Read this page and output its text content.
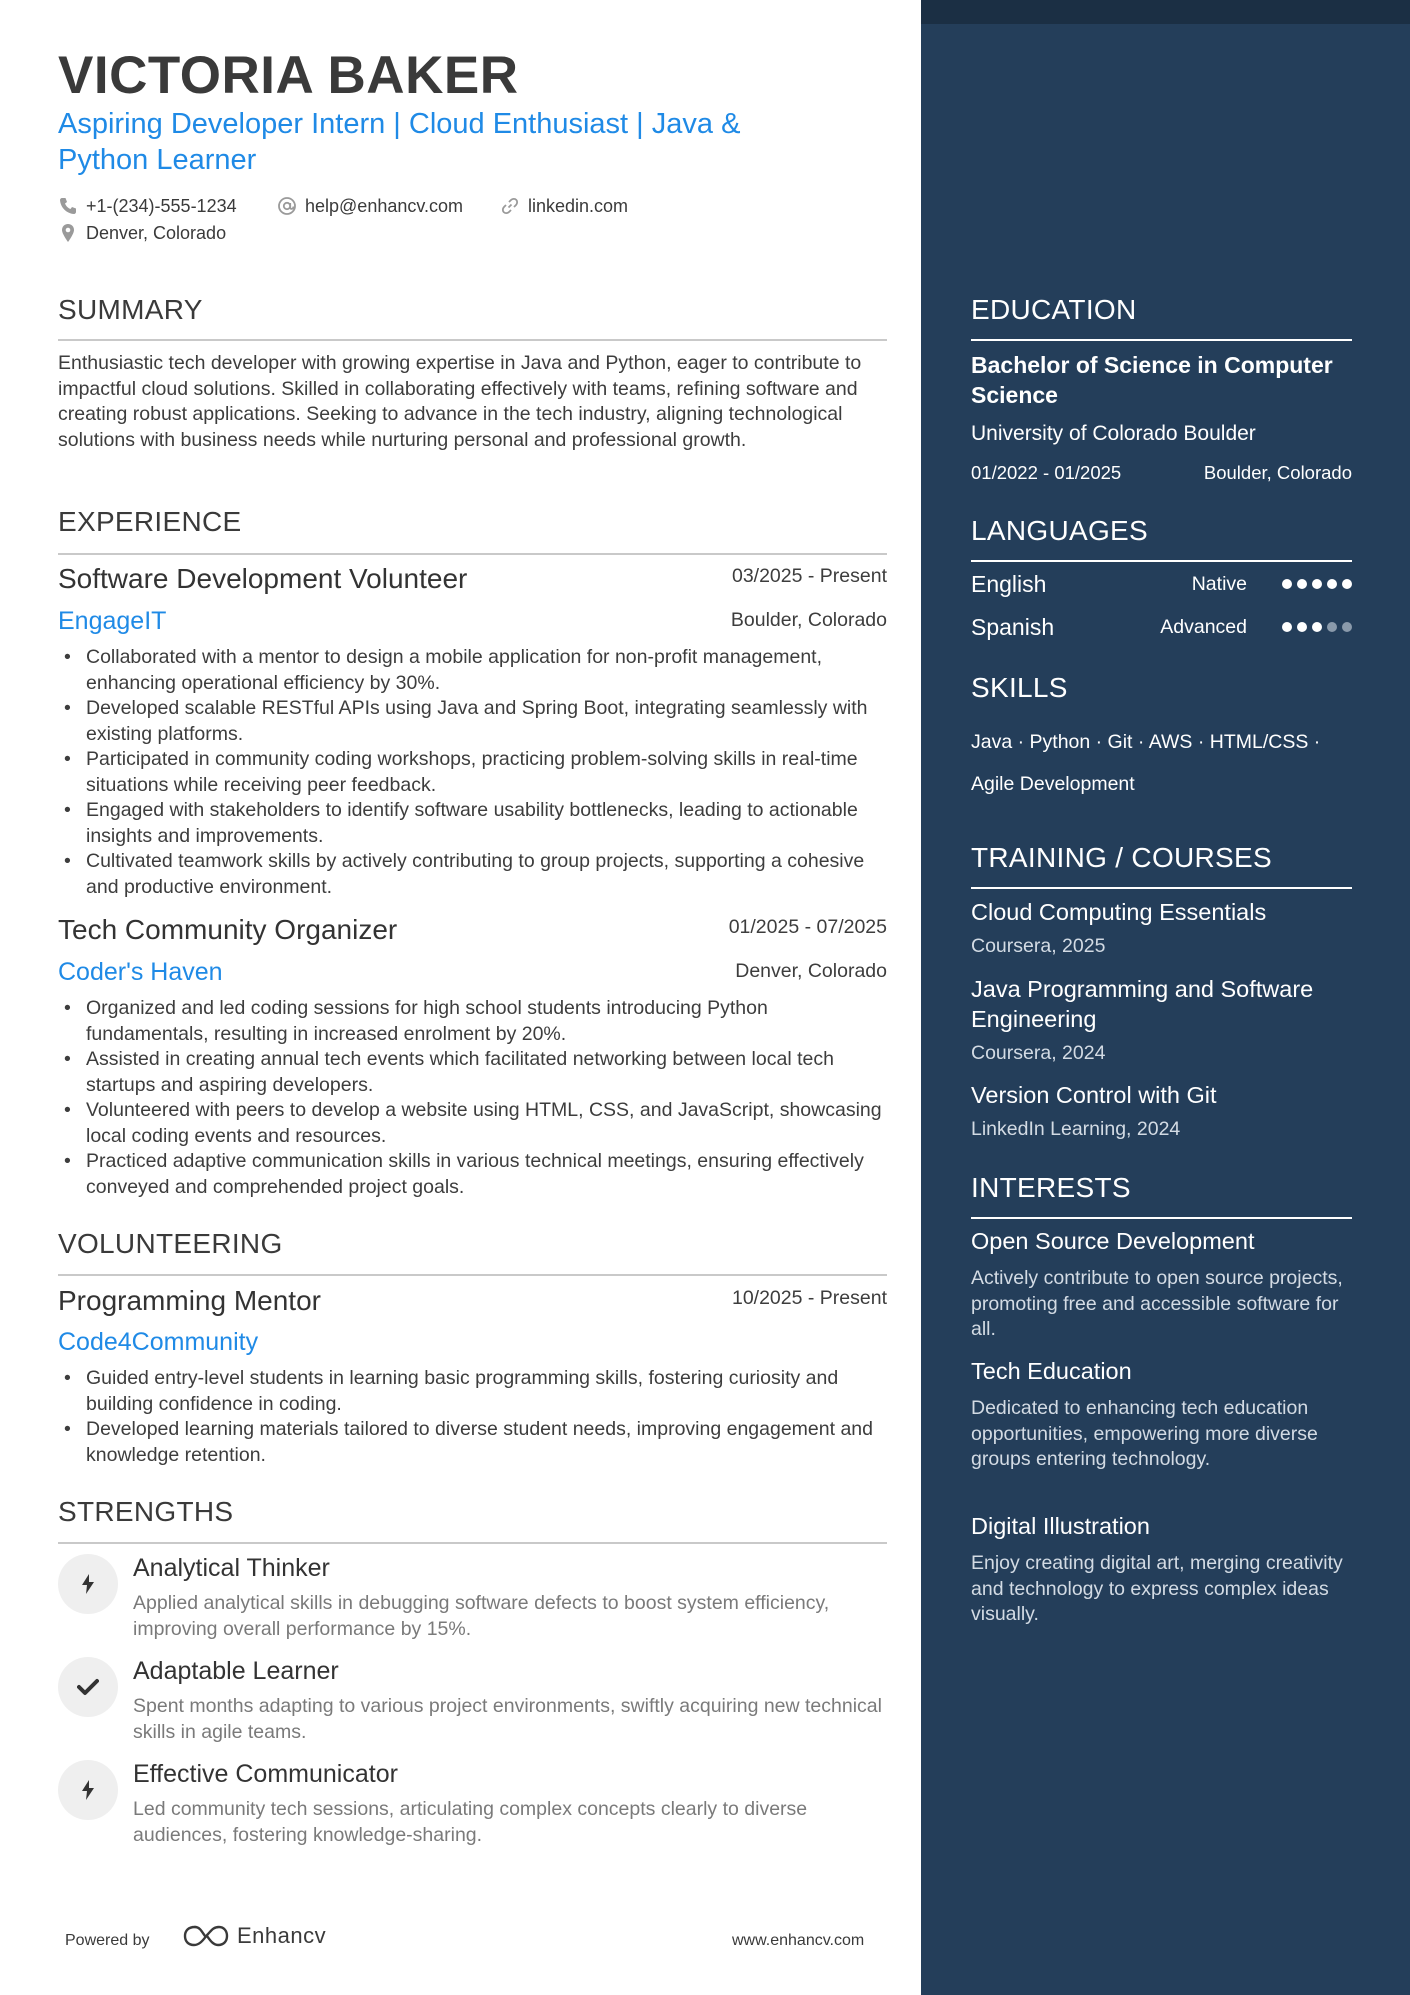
VICTORIA BAKER
Aspiring Developer Intern | Cloud Enthusiast | Java & Python Learner
+1-(234)-555-1234	help@enhancv.com	linkedin.com
Denver, Colorado
SUMMARY
Enthusiastic tech developer with growing expertise in Java and Python, eager to contribute to impactful cloud solutions. Skilled in collaborating effectively with teams, refining software and creating robust applications. Seeking to advance in the tech industry, aligning technological solutions with business needs while nurturing personal and professional growth.
EXPERIENCE
Software Development Volunteer	03/2025 - Present
EngageIT	Boulder, Colorado
• Collaborated with a mentor to design a mobile application for non-profit management, enhancing operational efficiency by 30%.
• Developed scalable RESTful APIs using Java and Spring Boot, integrating seamlessly with existing platforms.
• Participated in community coding workshops, practicing problem-solving skills in real-time situations while receiving peer feedback.
• Engaged with stakeholders to identify software usability bottlenecks, leading to actionable insights and improvements.
• Cultivated teamwork skills by actively contributing to group projects, supporting a cohesive and productive environment.
Tech Community Organizer	01/2025 - 07/2025
Coder's Haven	Denver, Colorado
• Organized and led coding sessions for high school students introducing Python fundamentals, resulting in increased enrolment by 20%.
• Assisted in creating annual tech events which facilitated networking between local tech startups and aspiring developers.
• Volunteered with peers to develop a website using HTML, CSS, and JavaScript, showcasing local coding events and resources.
• Practiced adaptive communication skills in various technical meetings, ensuring effectively conveyed and comprehended project goals.
VOLUNTEERING
Programming Mentor	10/2025 - Present
Code4Community
• Guided entry-level students in learning basic programming skills, fostering curiosity and building confidence in coding.
• Developed learning materials tailored to diverse student needs, improving engagement and knowledge retention.
STRENGTHS
Analytical Thinker
Applied analytical skills in debugging software defects to boost system efficiency, improving overall performance by 15%.
Adaptable Learner
Spent months adapting to various project environments, swiftly acquiring new technical skills in agile teams.
Effective Communicator
Led community tech sessions, articulating complex concepts clearly to diverse audiences, fostering knowledge-sharing.
Powered by	Enhancv	www.enhancv.com
EDUCATION
Bachelor of Science in Computer Science
University of Colorado Boulder
01/2022 - 01/2025	Boulder, Colorado
LANGUAGES
English	Native
Spanish	Advanced
SKILLS
Java · Python · Git · AWS · HTML/CSS · Agile Development
TRAINING / COURSES
Cloud Computing Essentials
Coursera, 2025
Java Programming and Software Engineering
Coursera, 2024
Version Control with Git
LinkedIn Learning, 2024
INTERESTS
Open Source Development
Actively contribute to open source projects, promoting free and accessible software for all.
Tech Education
Dedicated to enhancing tech education opportunities, empowering more diverse groups entering technology.
Digital Illustration
Enjoy creating digital art, merging creativity and technology to express complex ideas visually.
